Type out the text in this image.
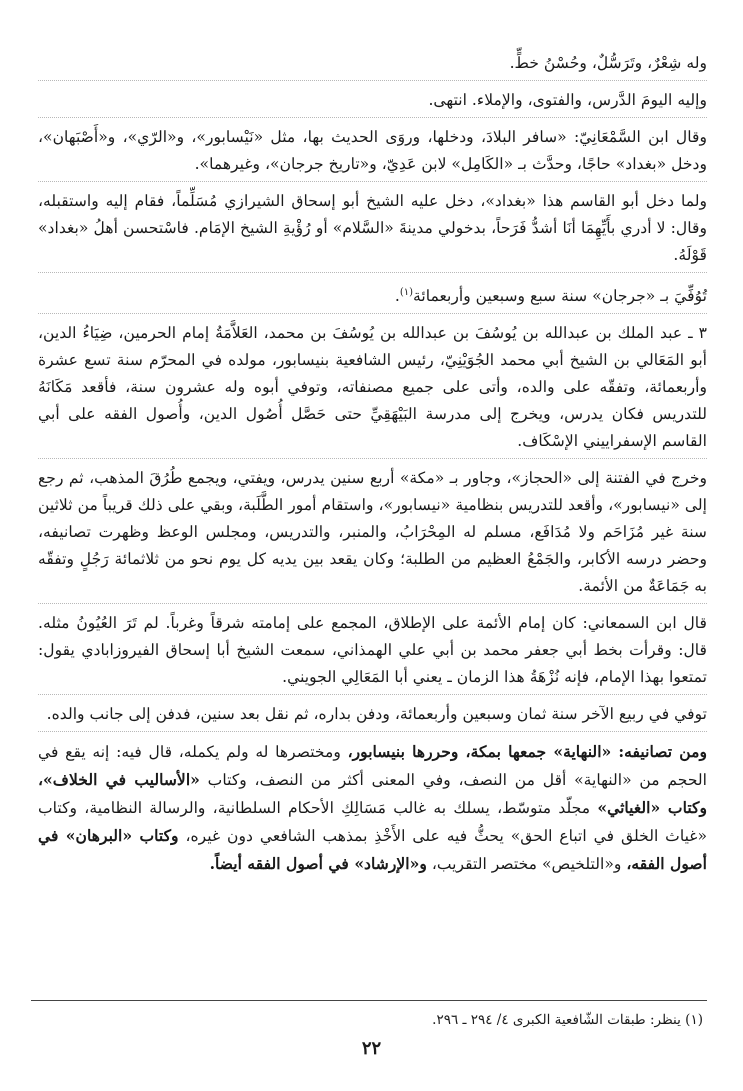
وله شِعْرٌ، وتَرَسُّلٌ، وحُسْنُ خطٍّ.

وإليه اليومَ الدَّرس، والفتوى، والإملاء. انتهى.

وقال ابن السَّمْعَانِيّ: «سافر البلادَ، ودخلها، وروَى الحديث بها، مثل «نَيْسابور»، و«الرّي»، و«أَصْبَهان»، ودخل «بغداد» حاجًا، وحدَّث بـ «الكَامِل» لابن عَدِيّ، و«تاريخ جرجان»، وغيرهما».

ولما دخل أبو القاسم هذا «بغداد»، دخل عليه الشيخ أبو إسحاق الشيرازي مُسَلِّماً، فقام إليه واستقبله، وقال: لا أدري بأَيِّهِمَا أنَا أشدُّ فَرَحاً، بدخولي مدينةَ «السَّلام» أو رُؤْيةِ الشيخ الإمَام. فاسْتحسن أهلُ «بغداد» قَوْلَهُ.

تُوُفِّيَ بـ «جرجان» سنة سبع وسبعين وأربعمائة$^{(١)}$.

٣ ـ عبد الملك بن عبدالله بن يُوسُفَ بن عبدالله بن يُوسُفَ بن محمد، العَلاَّمَةُ إمام الحرمين، ضِيَاءُ الدين، أبو المَعَالي بن الشيخ أبي محمد الجُوَيْنِيّ، رئيس الشافعية بنيسابور، مولده في المحرّم سنة تسع عشرة وأربعمائة، وتفقّه على والده، وأتى على جميع مصنفاته، وتوفي أبوه وله عشرون سنة، فأقعد مَكَانَهُ للتدريس فكان يدرس، ويخرج إلى مدرسة البَيْهَقِيِّ حتى حَصَّل أُصُول الدين، وأُصول الفقه على أبي القاسم الإسفراييني الإسْكَاف.

وخرج في الفتنة إلى «الحجاز»، وجاور بـ «مكة» أربع سنين يدرس، ويفتي، ويجمع طُرُقَ المذهب، ثم رجع إلى «نيسابور»، وأقعد للتدريس بنظامية «نيسابور»، واستقام أمور الطَّلَبة، وبقي على ذلك قريباً من ثلاثين سنة غير مُزَاحَم ولا مُدَافَع، مسلم له المِحْرَابُ، والمنبر، والتدريس، ومجلس الوعظ وظهرت تصانيفه، وحضر درسه الأكابر، والجَمْعُ العظيم من الطلبة؛ وكان يقعد بين يديه كل يوم نحو من ثلاثمائة رَجُلٍ وتفقّه به جَمَاعَةٌ من الأئمة.

قال ابن السمعاني: كان إمام الأئمة على الإطلاق، المجمع على إمامته شرقاً وغرباً. لم تَرَ العُيُونُ مثله. قال: وقرأت بخط أبي جعفر محمد بن أبي علي الهمذاني، سمعت الشيخ أبا إسحاق الفيروزابادي يقول: تمتعوا بهذا الإمام، فإنه نُزْهَةُ هذا الزمان ـ يعني أبا المَعَالِي الجويني.

توفي في ربيع الآخر سنة ثمان وسبعين وأربعمائة، ودفن بداره، ثم نقل بعد سنين، فدفن إلى جانب والده.

ومن تصانيفه: «النهاية» جمعها بمكة، وحررها بنيسابور، ومختصرها له ولم يكمله، قال فيه: إنه يقع في الحجم من «النهاية» أقل من النصف، وفي المعنى أكثر من النصف، وكتاب «الأساليب في الخلاف»، وكتاب «الغياثي» مجلّد متوسّط، يسلك به غالب مَسَالِكِ الأحكام السلطانية، والرسالة النظامية، وكتاب «غياث الخلق في اتباع الحق» يحثُّ فيه على الأَخْذِ بمذهب الشافعي دون غيره، وكتاب «البرهان» في أصول الفقه، و«التلخيص» مختصر التقريب، و«الإرشاد» في أصول الفقه أيضاً.

(١) ينظر: طبقات الشّافعية الكبرى ٤/ ٢٩٤ ـ ٢٩٦.
٢٢
